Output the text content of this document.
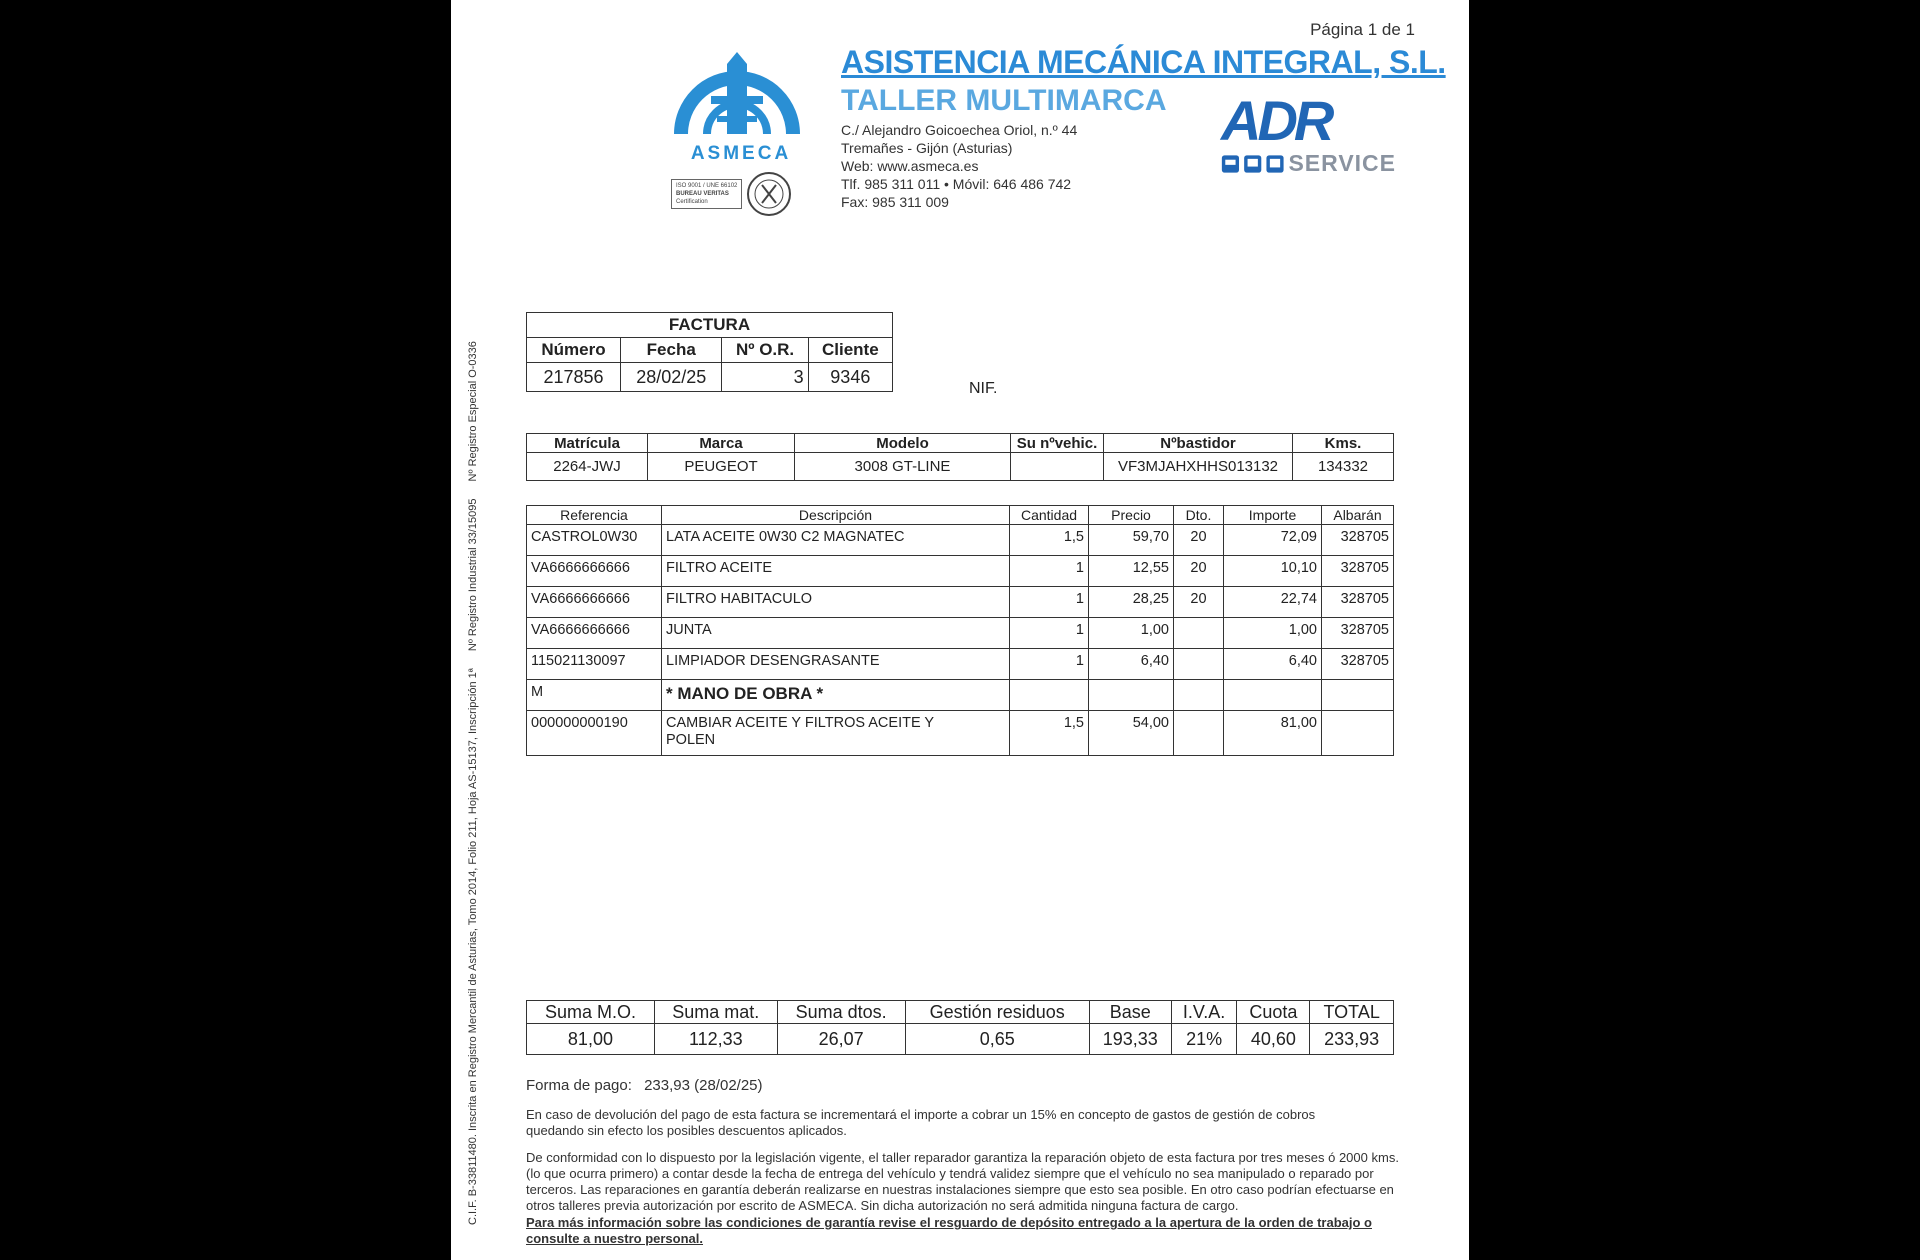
Página 1 de 1
ASMECA
ISO 9001 / UNE 66102
BUREAU VERITAS
Certification
ASISTENCIA MECÁNICA INTEGRAL, S.L.
TALLER MULTIMARCA
C./ Alejandro Goicoechea Oriol, n.º 44
Tremañes - Gijón (Asturias)
Web: www.asmeca.es
Tlf. 985 311 011 • Móvil: 646 486 742
Fax: 985 311 009
ADR
SERVICE
C.I.F. B-33811480. Inscrita en Registro Mercantil de Asturias, Tomo 2014, Folio 211, Hoja AS-15137, Inscripción 1ª Nº Registro Industrial 33/15095 Nº Registro Especial O-0336
FACTURA			
Número	Fecha	Nº O.R.	Cliente
217856	28/02/25	3	9346
NIF.
Matrícula	Marca	Modelo	Su nºvehic.	Nºbastidor	Kms.
2264-JWJ	PEUGEOT	3008 GT-LINE		VF3MJAHXHHS013132	134332
Referencia	Descripción	Cantidad	Precio	Dto.	Importe	Albarán
CASTROL0W30	LATA ACEITE 0W30 C2 MAGNATEC	1,5	59,70	20	72,09	328705
VA6666666666	FILTRO ACEITE	1	12,55	20	10,10	328705
VA6666666666	FILTRO HABITACULO	1	28,25	20	22,74	328705
VA6666666666	JUNTA	1	1,00		1,00	328705
115021130097	LIMPIADOR DESENGRASANTE	1	6,40		6,40	328705
M	* MANO DE OBRA *					
000000000190	CAMBIAR ACEITE Y FILTROS ACEITE Y POLEN	1,5	54,00		81,00	
Suma M.O.	Suma mat.	Suma dtos.	Gestión residuos	Base	I.V.A.	Cuota	TOTAL
81,00	112,33	26,07	0,65	193,33	21%	40,60	233,93
Forma de pago: 233,93 (28/02/25)
En caso de devolución del pago de esta factura se incrementará el importe a cobrar un 15% en concepto de gastos de gestión de cobros quedando sin efecto los posibles descuentos aplicados.
De conformidad con lo dispuesto por la legislación vigente, el taller reparador garantiza la reparación objeto de esta factura por tres meses ó 2000 kms. (lo que ocurra primero) a contar desde la fecha de entrega del vehículo y tendrá validez siempre que el vehículo no sea manipulado o reparado por terceros. Las reparaciones en garantía deberán realizarse en nuestras instalaciones siempre que esto sea posible. En otro caso podrían efectuarse en otros talleres previa autorización por escrito de ASMECA. Sin dicha autorización no será admitida ninguna factura de cargo.
Para más información sobre las condiciones de garantía revise el resguardo de depósito entregado a la apertura de la orden de trabajo o consulte a nuestro personal.
